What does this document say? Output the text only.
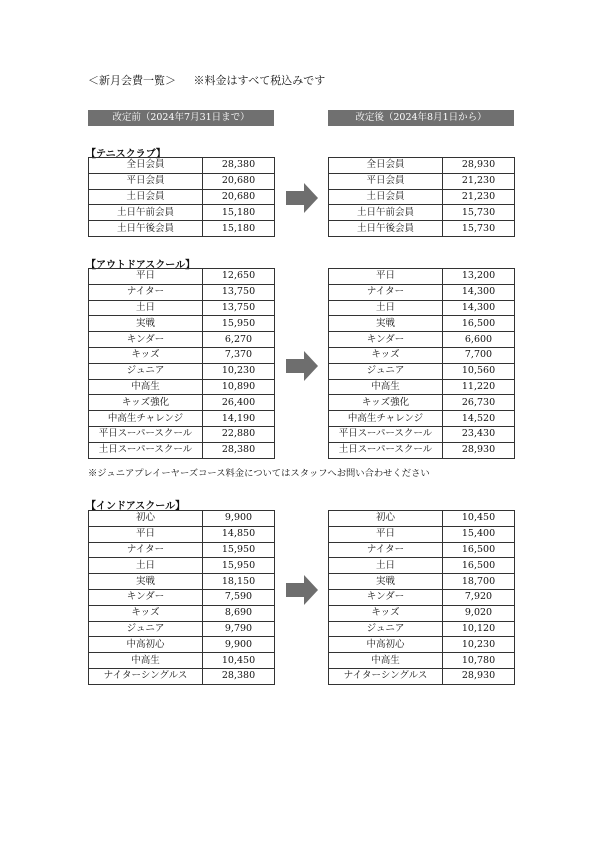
＜新月会費一覧＞ ※料金はすべて税込みです
改定前（2024年7月31日まで）	改定後（2024年8月1日から）
【テニスクラブ】
全日会員	28,380
平日会員	20,680
土日会員	20,680
土日午前会員	15,180
土日午後会員	15,180
全日会員	28,930
平日会員	21,230
土日会員	21,230
土日午前会員	15,730
土日午後会員	15,730
【アウトドアスクール】
平日	12,650
ナイター	13,750
土日	13,750
実戦	15,950
キンダー	6,270
キッズ	7,370
ジュニア	10,230
中高生	10,890
キッズ強化	26,400
中高生チャレンジ	14,190
平日スーパースクール	22,880
土日スーパースクール	28,380
平日	13,200
ナイター	14,300
土日	14,300
実戦	16,500
キンダー	6,600
キッズ	7,700
ジュニア	10,560
中高生	11,220
キッズ強化	26,730
中高生チャレンジ	14,520
平日スーパースクール	23,430
土日スーパースクール	28,930
※ジュニアプレイーヤーズコース料金についてはスタッフへお問い合わせください
【インドアスクール】
初心	9,900
平日	14,850
ナイター	15,950
土日	15,950
実戦	18,150
キンダー	7,590
キッズ	8,690
ジュニア	9,790
中高初心	9,900
中高生	10,450
ナイターシングルス	28,380
初心	10,450
平日	15,400
ナイター	16,500
土日	16,500
実戦	18,700
キンダー	7,920
キッズ	9,020
ジュニア	10,120
中高初心	10,230
中高生	10,780
ナイターシングルス	28,930
